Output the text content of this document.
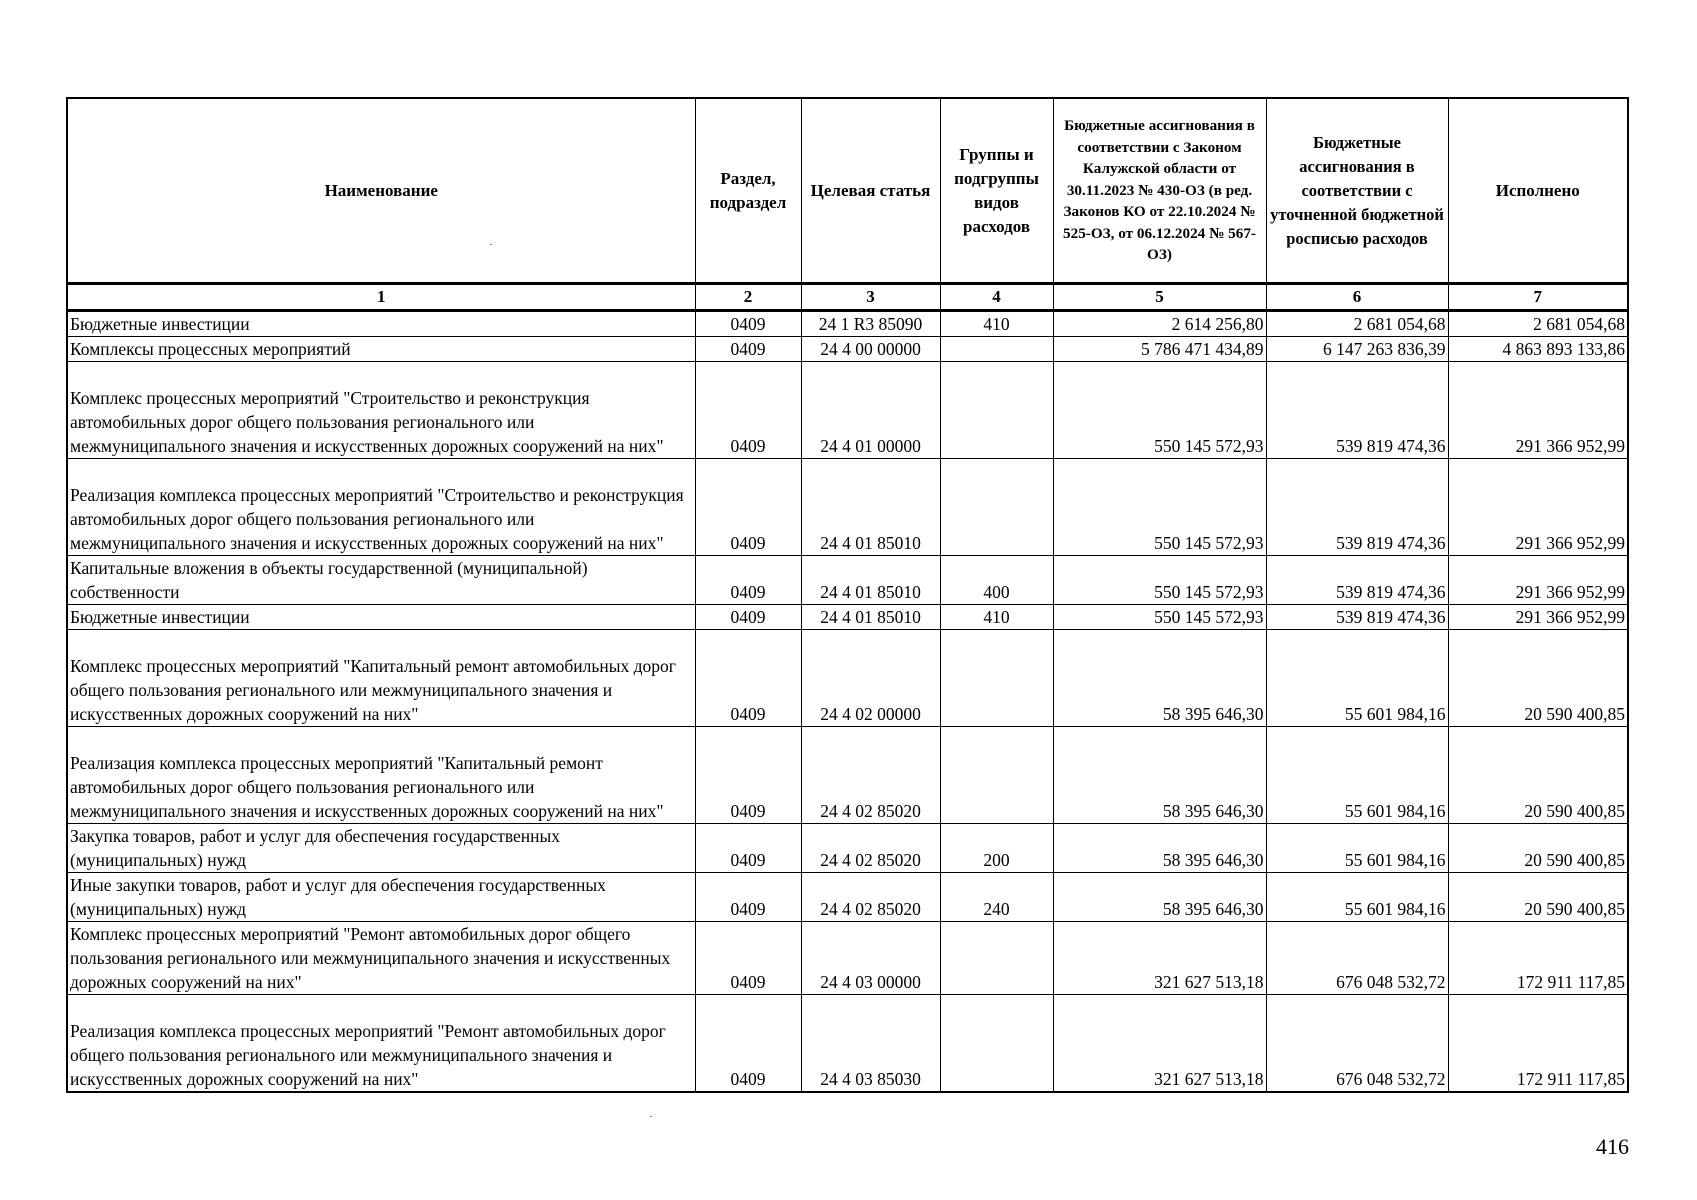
Наименование	Раздел, подраздел	Целевая статья	Группы и подгруппы видов расходов	Бюджетные ассигнования в соответствии с Законом Калужской области от 30.11.2023 № 430-ОЗ (в ред. Законов КО от 22.10.2024 № 525-ОЗ, от 06.12.2024 № 567-ОЗ)	Бюджетные ассигнования в соответствии с уточненной бюджетной росписью расходов	Исполнено
1	2	3	4	5	6	7
Бюджетные инвестиции	0409	24 1 R3 85090	410	2 614 256,80	2 681 054,68	2 681 054,68
Комплексы процессных мероприятий	0409	24 4 00 00000		5 786 471 434,89	6 147 263 836,39	4 863 893 133,86
Комплекс процессных мероприятий "Строительство и реконструкция автомобильных дорог общего пользования регионального или межмуниципального значения и искусственных дорожных сооружений на них"	0409	24 4 01 00000		550 145 572,93	539 819 474,36	291 366 952,99
Реализация комплекса процессных мероприятий "Строительство и реконструкция автомобильных дорог общего пользования регионального или межмуниципального значения и искусственных дорожных сооружений на них"	0409	24 4 01 85010		550 145 572,93	539 819 474,36	291 366 952,99
Капитальные вложения в объекты государственной (муниципальной) собственности	0409	24 4 01 85010	400	550 145 572,93	539 819 474,36	291 366 952,99
Бюджетные инвестиции	0409	24 4 01 85010	410	550 145 572,93	539 819 474,36	291 366 952,99
Комплекс процессных мероприятий "Капитальный ремонт автомобильных дорог общего пользования регионального или межмуниципального значения и искусственных дорожных сооружений на них"	0409	24 4 02 00000		58 395 646,30	55 601 984,16	20 590 400,85
Реализация комплекса процессных мероприятий "Капитальный ремонт автомобильных дорог общего пользования регионального или межмуниципального значения и искусственных дорожных сооружений на них"	0409	24 4 02 85020		58 395 646,30	55 601 984,16	20 590 400,85
Закупка товаров, работ и услуг для обеспечения государственных (муниципальных) нужд	0409	24 4 02 85020	200	58 395 646,30	55 601 984,16	20 590 400,85
Иные закупки товаров, работ и услуг для обеспечения государственных (муниципальных) нужд	0409	24 4 02 85020	240	58 395 646,30	55 601 984,16	20 590 400,85
Комплекс процессных мероприятий "Ремонт автомобильных дорог общего пользования регионального или межмуниципального значения и искусственных дорожных сооружений на них"	0409	24 4 03 00000		321 627 513,18	676 048 532,72	172 911 117,85
Реализация комплекса процессных мероприятий "Ремонт автомобильных дорог общего пользования регионального или межмуниципального значения и искусственных дорожных сооружений на них"	0409	24 4 03 85030		321 627 513,18	676 048 532,72	172 911 117,85
416
